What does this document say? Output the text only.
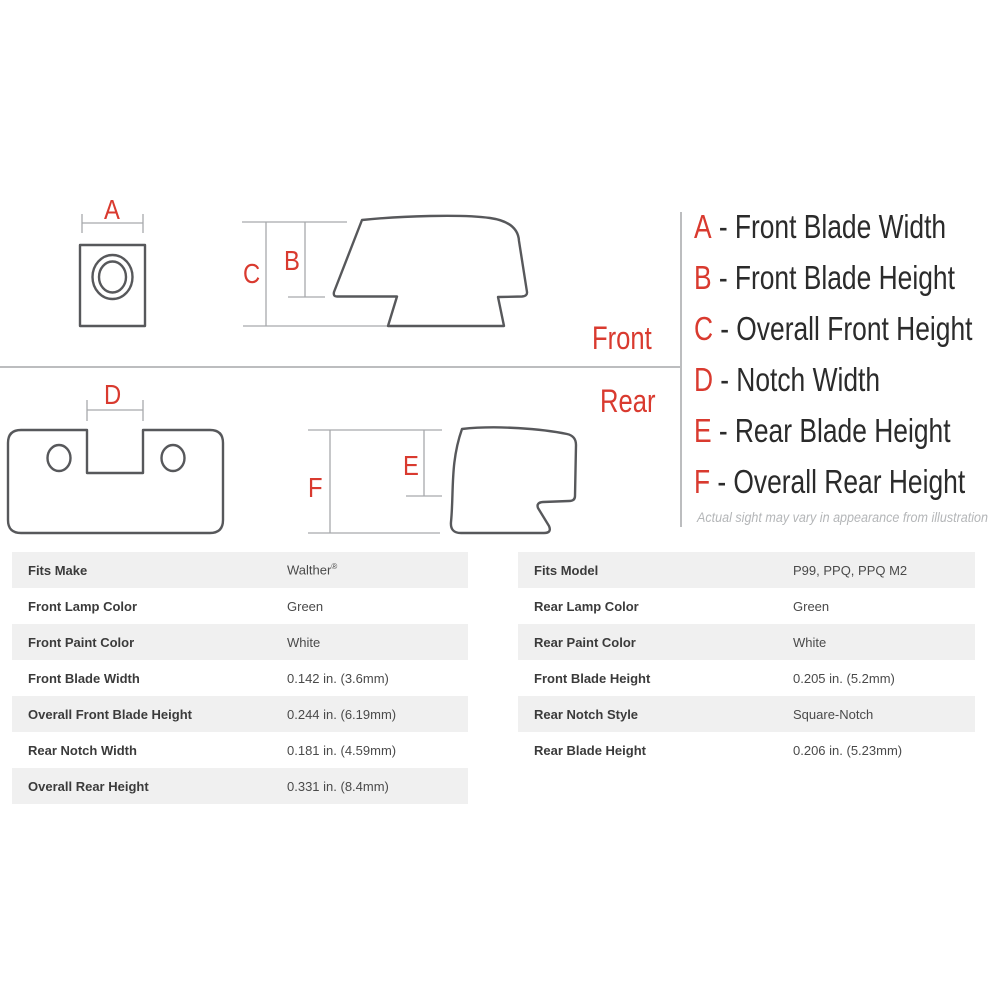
A
B
C
D
E
F
Front
Rear
A - Front Blade Width
B - Front Blade Height
C - Overall Front Height
D - Notch Width
E - Rear Blade Height
F - Overall Rear Height
Actual sight may vary in appearance from illustration
Fits Make	Walther®
Front Lamp Color	Green
Front Paint Color	White
Front Blade Width	0.142 in. (3.6mm)
Overall Front Blade Height	0.244 in. (6.19mm)
Rear Notch Width	0.181 in. (4.59mm)
Overall Rear Height	0.331 in. (8.4mm)
Fits Model	P99, PPQ, PPQ M2
Rear Lamp Color	Green
Rear Paint Color	White
Front Blade Height	0.205 in. (5.2mm)
Rear Notch Style	Square-Notch
Rear Blade Height	0.206 in. (5.23mm)
